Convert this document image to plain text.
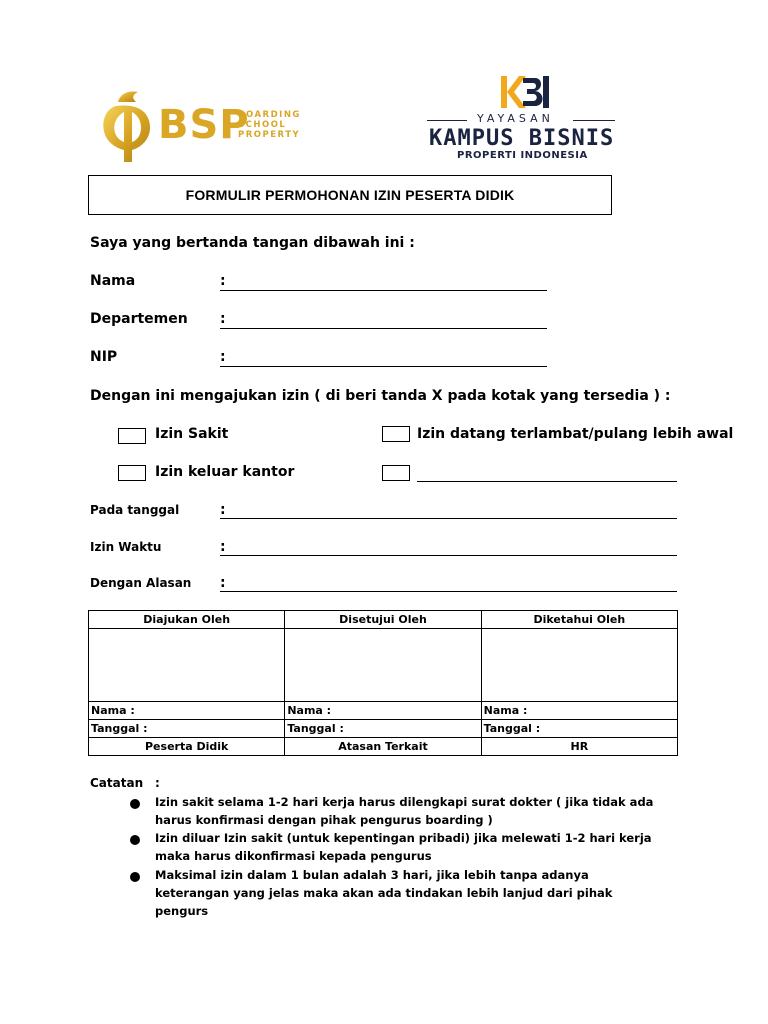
BSP
BOARDING
SCHOOL
PROPERTY
YAYASAN
KAMPUS BISNIS
PROPERTI INDONESIA
FORMULIR PERMOHONAN IZIN PESERTA DIDIK
Saya yang bertanda tangan dibawah ini :
Nama	:
Departemen :
NIP	:
Dengan ini mengajukan izin ( di beri tanda X pada kotak yang tersedia ) :
Izin Sakit	Izin datang terlambat/pulang lebih awal
Izin keluar kantor
Pada tanggal	:
Izin Waktu	:
Dengan Alasan :
Diajukan Oleh	Disetujui Oleh	Diketahui Oleh

Nama :	Nama :	Nama :
Tanggal :	Tanggal :	Tanggal :
Peserta Didik	Atasan Terkait	HR
Catatan :
Izin sakit selama 1-2 hari kerja harus dilengkapi surat dokter ( jika tidak ada harus konfirmasi dengan pihak pengurus boarding )
Izin diluar Izin sakit (untuk kepentingan pribadi) jika melewati 1-2 hari kerja maka harus dikonfirmasi kepada pengurus
Maksimal izin dalam 1 bulan adalah 3 hari, jika lebih tanpa adanya keterangan yang jelas maka akan ada tindakan lebih lanjud dari pihak pengurs
